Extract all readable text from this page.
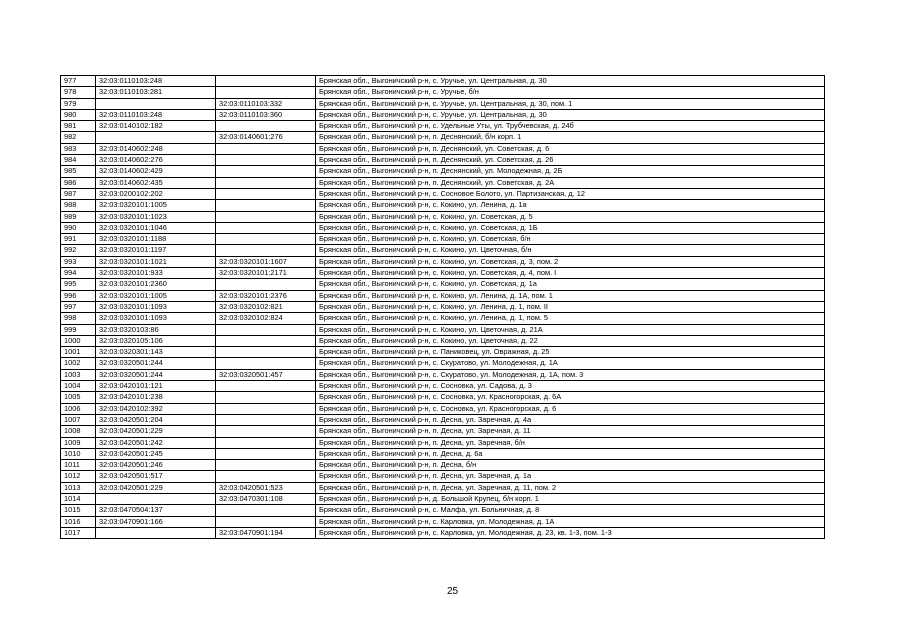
977	32:03:0110103:248		Брянская обл., Выгоничский р-н, с. Уручье, ул. Центральная, д. 30
978	32:03:0110103:281		Брянская обл., Выгоничский р-н, с. Уручье, б/н
979		32:03:0110103:332	Брянская обл., Выгоничский р-н, с. Уручье, ул. Центральная, д. 30, пом. 1
980	32:03:0110103:248	32:03:0110103:360	Брянская обл., Выгоничский р-н, с. Уручье, ул. Центральная, д. 30
981	32:03:0140102:182		Брянская обл., Выгоничский р-н, с. Удельные Уты, ул. Трубчевская, д. 24б
982		32:03:0140601:276	Брянская обл., Выгоничский р-н, п. Деснянский, б/н корп. 1
983	32:03:0140602:248		Брянская обл., Выгоничский р-н, п. Деснянский, ул. Советская, д. 6
984	32:03:0140602:276		Брянская обл., Выгоничский р-н, п. Деснянский, ул. Советская, д. 26
985	32:03:0140602:429		Брянская обл., Выгоничский р-н, п. Деснянский, ул. Молодежная, д. 2Б
986	32:03:0140602:435		Брянская обл., Выгоничский р-н, п. Деснянский, ул. Советская, д. 2А
987	32:03:0200102:202		Брянская обл., Выгоничский р-н, с. Сосновое Болото, ул. Партизанская, д. 12
988	32:03:0320101:1005		Брянская обл., Выгоничский р-н, с. Кокино, ул. Ленина, д. 1а
989	32:03:0320101:1023		Брянская обл., Выгоничский р-н, с. Кокино, ул. Советская, д. 5
990	32:03:0320101:1046		Брянская обл., Выгоничский р-н, с. Кокино, ул. Советская, д. 1Б
991	32:03:0320101:1188		Брянская обл., Выгоничский р-н, с. Кокино, ул. Советская, б/н
992	32:03:0320101:1197		Брянская обл., Выгоничский р-н, с. Кокино, ул. Цветочная, б/н
993	32:03:0320101:1021	32:03:0320101:1607	Брянская обл., Выгоничский р-н, с. Кокино, ул. Советская, д. 3, пом. 2
994	32:03:0320101:933	32:03:0320101:2171	Брянская обл., Выгоничский р-н, с. Кокино, ул. Советская, д. 4, пом. I
995	32:03:0320101:2360		Брянская обл., Выгоничский р-н, с. Кокино, ул. Советская, д. 1а
996	32:03:0320101:1005	32:03:0320101:2376	Брянская обл., Выгоничский р-н, с. Кокино, ул. Ленина, д. 1А, пом. 1
997	32:03:0320101:1093	32:03:0320102:821	Брянская обл., Выгоничский р-н, с. Кокино, ул. Ленина, д. 1, пом. II
998	32:03:0320101:1093	32:03:0320102:824	Брянская обл., Выгоничский р-н, с. Кокино, ул. Ленина, д. 1, пом. 5
999	32:03:0320103:86		Брянская обл., Выгоничский р-н, с. Кокино, ул. Цветочная, д. 21А
1000	32:03:0320105:106		Брянская обл., Выгоничский р-н, с. Кокино, ул. Цветочная, д. 22
1001	32:03:0320301:143		Брянская обл., Выгоничский р-н, с. Паниковец, ул. Овражная, д. 25
1002	32:03:0320501:244		Брянская обл., Выгоничский р-н, с. Скуратово, ул. Молодежная, д. 1А
1003	32:03:0320501:244	32:03:0320501:457	Брянская обл., Выгоничский р-н, с. Скуратово, ул. Молодежная, д. 1А, пом. 3
1004	32:03:0420101:121		Брянская обл., Выгоничский р-н, с. Сосновка, ул. Садова, д. 3
1005	32:03:0420101:238		Брянская обл., Выгоничский р-н, с. Сосновка, ул. Красногорская, д. 6А
1006	32:03:0420102:392		Брянская обл., Выгоничский р-н, с. Сосновка, ул. Красногорская, д. 6
1007	32:03:0420501:204		Брянская обл., Выгоничский р-н, п. Десна, ул. Заречная, д. 4а
1008	32:03:0420501:229		Брянская обл., Выгоничский р-н, п. Десна, ул. Заречная, д. 11
1009	32:03:0420501:242		Брянская обл., Выгоничский р-н, п. Десна, ул. Заречная, б/н
1010	32:03:0420501:245		Брянская обл., Выгоничский р-н, п. Десна, д. 6а
1011	32:03:0420501:246		Брянская обл., Выгоничский р-н, п. Десна, б/н
1012	32:03:0420501:517		Брянская обл., Выгоничский р-н, п. Десна, ул. Заречная, д. 1а
1013	32:03:0420501:229	32:03:0420501:523	Брянская обл., Выгоничский р-н, п. Десна, ул. Заречная, д. 11, пом. 2
1014		32:03:0470301:108	Брянская обл., Выгоничский р-н, д. Большой Крупец, б/н корп. 1
1015	32:03:0470504:137		Брянская обл., Выгоничский р-н, с. Малфа, ул. Больничная, д. 8
1016	32:03:0470901:166		Брянская обл., Выгоничский р-н, с. Карловка, ул. Молодежная, д. 1А
1017		32:03:0470901:194	Брянская обл., Выгоничский р-н, с. Карловка, ул. Молодежная, д. 23, кв. 1-3, пом. 1-3
25
